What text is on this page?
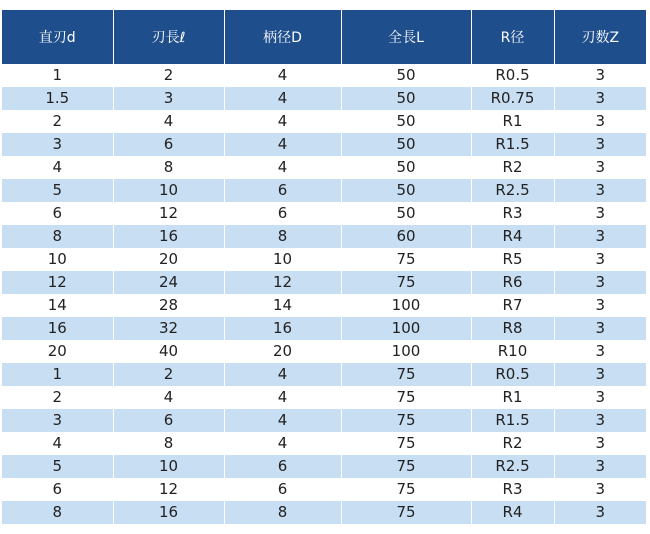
直刃d	刃長ℓ	柄径D	全長L	R径	刃数Z
1	2	4	50	R0.5	3
1.5	3	4	50	R0.75	3
2	4	4	50	R1	3
3	6	4	50	R1.5	3
4	8	4	50	R2	3
5	10	6	50	R2.5	3
6	12	6	50	R3	3
8	16	8	60	R4	3
10	20	10	75	R5	3
12	24	12	75	R6	3
14	28	14	100	R7	3
16	32	16	100	R8	3
20	40	20	100	R10	3
1	2	4	75	R0.5	3
2	4	4	75	R1	3
3	6	4	75	R1.5	3
4	8	4	75	R2	3
5	10	6	75	R2.5	3
6	12	6	75	R3	3
8	16	8	75	R4	3
